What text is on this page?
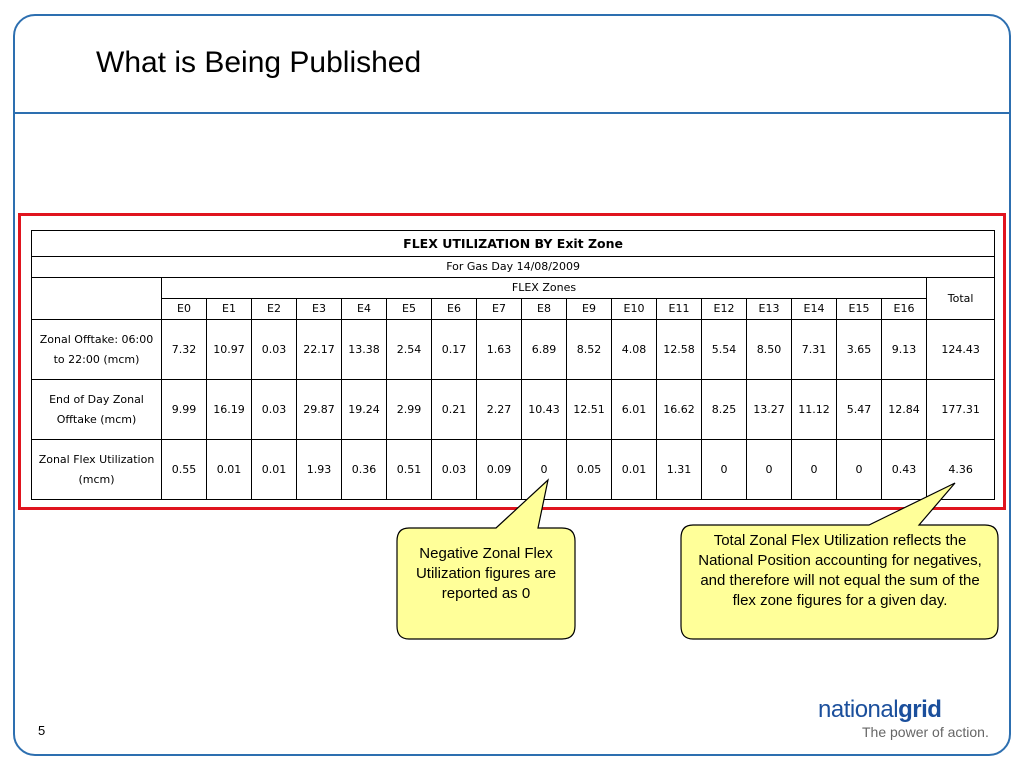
What is Being Published
FLEX UTILIZATION BY Exit Zone																		
For Gas Day 14/08/2009																		
	FLEX Zones																	Total
	E0	E1	E2	E3	E4	E5	E6	E7	E8	E9	E10	E11	E12	E13	E14	E15	E16	
Zonal Offtake: 06:00 to 22:00 (mcm)	7.32	10.97	0.03	22.17	13.38	2.54	0.17	1.63	6.89	8.52	4.08	12.58	5.54	8.50	7.31	3.65	9.13	124.43
End of Day Zonal Offtake (mcm)	9.99	16.19	0.03	29.87	19.24	2.99	0.21	2.27	10.43	12.51	6.01	16.62	8.25	13.27	11.12	5.47	12.84	177.31
Zonal Flex Utilization (mcm)	0.55	0.01	0.01	1.93	0.36	0.51	0.03	0.09	0	0.05	0.01	1.31	0	0	0	0	0.43	4.36
Negative Zonal Flex Utilization figures are reported as 0
Total Zonal Flex Utilization reflects the National Position accounting for negatives, and therefore will not equal the sum of the flex zone figures for a given day.
nationalgrid
The power of action.
5
